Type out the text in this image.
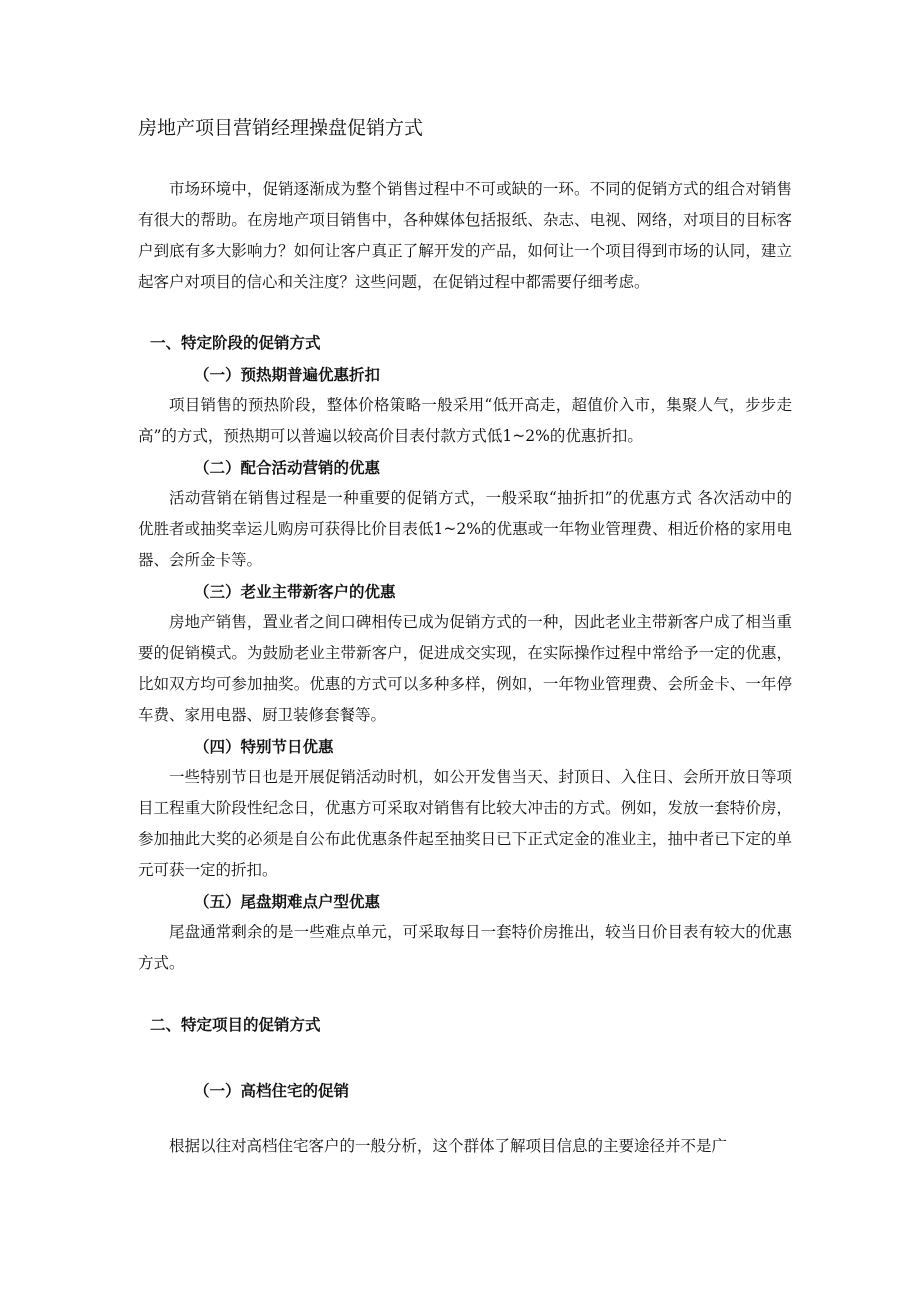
房地产项目营销经理操盘促销方式

市场环境中，促销逐渐成为整个销售过程中不可或缺的一环。不同的促销方式的组合对销售有很大的帮助。在房地产项目销售中，各种媒体包括报纸、杂志、电视、网络，对项目的目标客户到底有多大影响力？如何让客户真正了解开发的产品，如何让一个项目得到市场的认同，建立起客户对项目的信心和关注度？这些问题，在促销过程中都需要仔细考虑。

一、特定阶段的促销方式
（一）预热期普遍优惠折扣

项目销售的预热阶段，整体价格策略一般采用“低开高走，超值价入市，集聚人气，步步走高”的方式，预热期可以普遍以较高价目表付款方式低1~2%的优惠折扣。

（二）配合活动营销的优惠

活动营销在销售过程是一种重要的促销方式，一般采取“抽折扣”的优惠方式 各次活动中的优胜者或抽奖幸运儿购房可获得比价目表低1~2%的优惠或一年物业管理费、相近价格的家用电器、会所金卡等。

（三）老业主带新客户的优惠

房地产销售，置业者之间口碑相传已成为促销方式的一种，因此老业主带新客户成了相当重要的促销模式。为鼓励老业主带新客户，促进成交实现，在实际操作过程中常给予一定的优惠，比如双方均可参加抽奖。优惠的方式可以多种多样，例如，一年物业管理费、会所金卡、一年停车费、家用电器、厨卫装修套餐等。

（四）特别节日优惠

一些特别节日也是开展促销活动时机，如公开发售当天、封顶日、入住日、会所开放日等项目工程重大阶段性纪念日，优惠方可采取对销售有比较大冲击的方式。例如，发放一套特价房，参加抽此大奖的必须是自公布此优惠条件起至抽奖日已下正式定金的准业主，抽中者已下定的单元可获一定的折扣。

（五）尾盘期难点户型优惠

尾盘通常剩余的是一些难点单元，可采取每日一套特价房推出，较当日价目表有较大的优惠方式。

二、特定项目的促销方式
（一）高档住宅的促销

根据以往对高档住宅客户的一般分析，这个群体了解项目信息的主要途径并不是广
